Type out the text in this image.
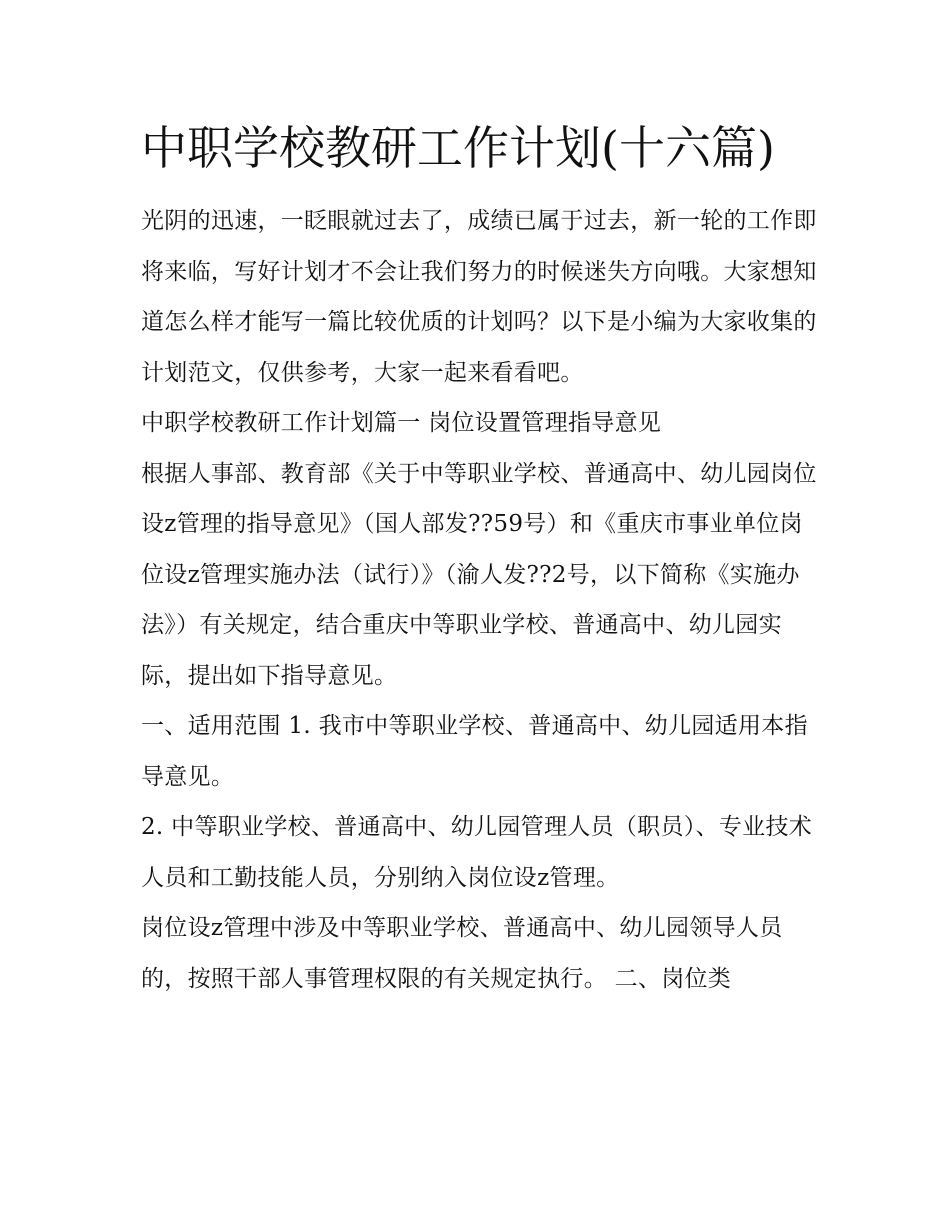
中职学校教研工作计划(十六篇)

光阴的迅速，一眨眼就过去了，成绩已属于过去，新一轮的工作即将来临，写好计划才不会让我们努力的时候迷失方向哦。大家想知道怎么样才能写一篇比较优质的计划吗？以下是小编为大家收集的计划范文，仅供参考，大家一起来看看吧。

中职学校教研工作计划篇一 岗位设置管理指导意见

根据人事部、教育部《关于中等职业学校、普通高中、幼儿园岗位设z管理的指导意见》（国人部发??59号）和《重庆市事业单位岗位设z管理实施办法（试行）》（渝人发??2号，以下简称《实施办法》）有关规定，结合重庆中等职业学校、普通高中、幼儿园实际，提出如下指导意见。

一、适用范围 1. 我市中等职业学校、普通高中、幼儿园适用本指导意见。

2. 中等职业学校、普通高中、幼儿园管理人员（职员）、专业技术人员和工勤技能人员，分别纳入岗位设z管理。

岗位设z管理中涉及中等职业学校、普通高中、幼儿园领导人员的，按照干部人事管理权限的有关规定执行。 二、岗位类
